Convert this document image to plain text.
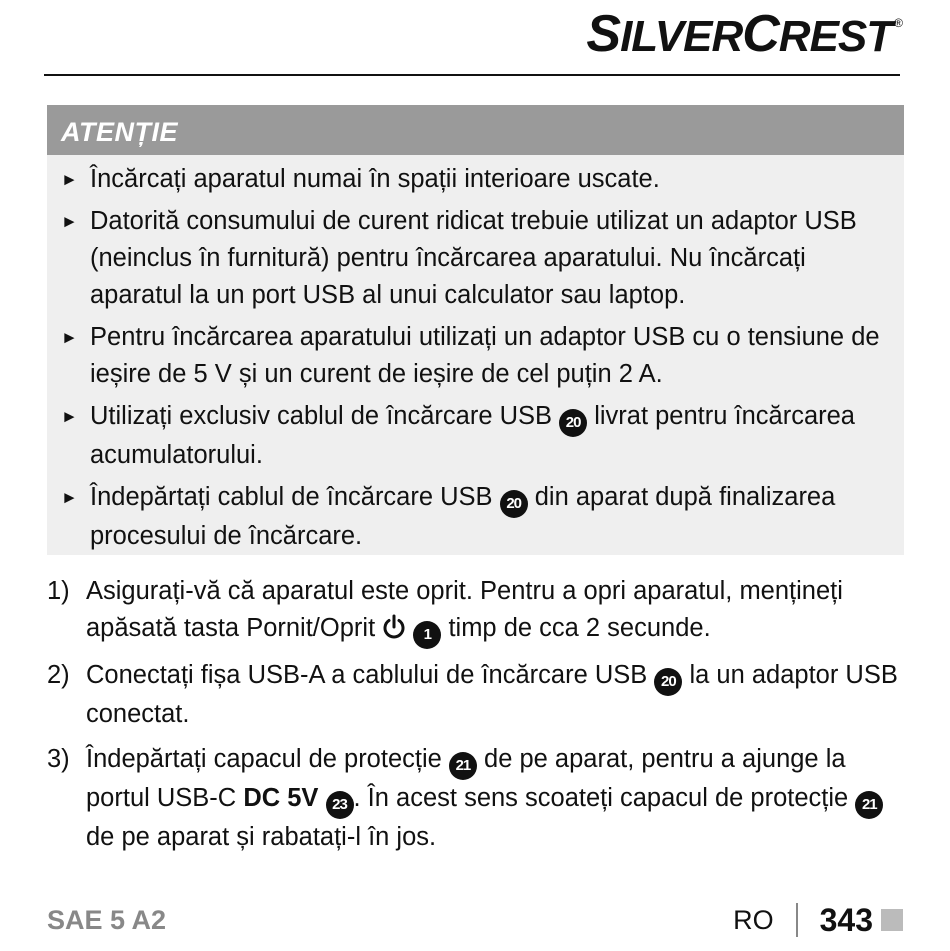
SILVERCREST ®
ATENȚIE
► Încărcați aparatul numai în spații interioare uscate.
► Datorită consumului de curent ridicat trebuie utilizat un adaptor USB (neinclus în furnitură) pentru încărcarea aparatului. Nu încărcați aparatul la un port USB al unui calculator sau laptop.
► Pentru încărcarea aparatului utilizați un adaptor USB cu o tensiune de ieșire de 5 V și un curent de ieșire de cel puțin 2 A.
► Utilizați exclusiv cablul de încărcare USB 20 livrat pentru încărcarea acumulatorului.
► Îndepărtați cablul de încărcare USB 20 din aparat după finalizarea procesului de încărcare.
1) Asigurați-vă că aparatul este oprit. Pentru a opri aparatul, mențineți apăsată tasta Pornit/Oprit	1 timp de cca 2 secunde.
2) Conectați fișa USB-A a cablului de încărcare USB 20 la un adaptor USB conectat.
3) Îndepărtați capacul de protecție 21 de pe aparat, pentru a ajunge la portul USB-C DC 5V 23 . În acest sens scoateți capacul de protecție 21 de pe aparat și rabatați-l în jos.
SAE 5 A2	RO 343
